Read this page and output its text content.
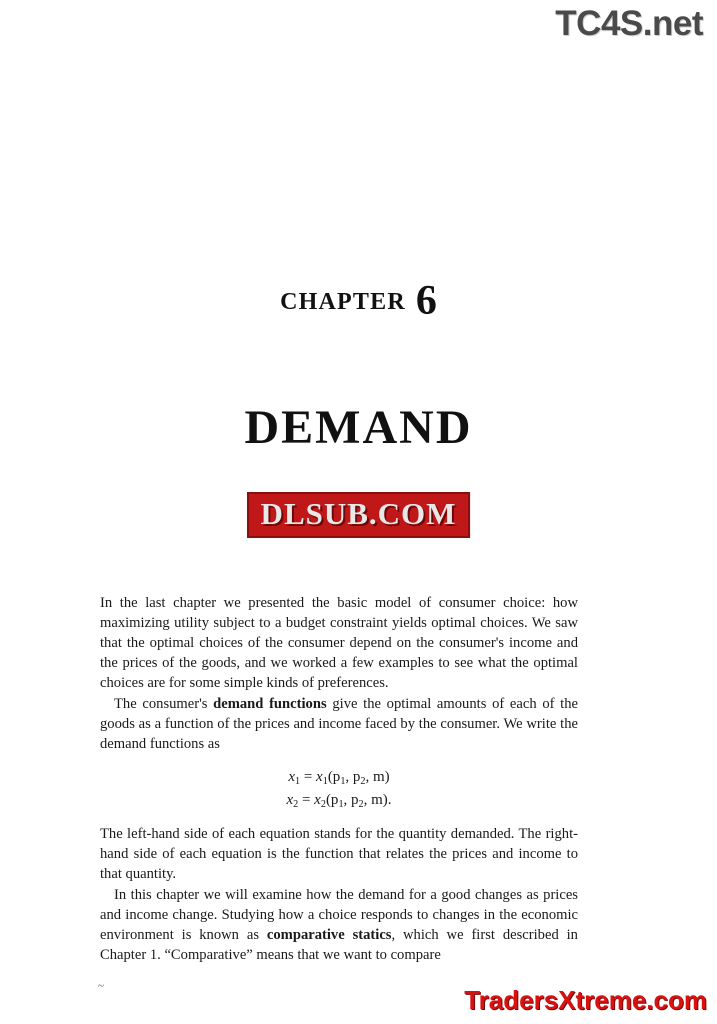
TC4S.net
CHAPTER 6
DEMAND
DLSUB.COM

In the last chapter we presented the basic model of consumer choice: how maximizing utility subject to a budget constraint yields optimal choices. We saw that the optimal choices of the consumer depend on the consumer's income and the prices of the goods, and we worked a few examples to see what the optimal choices are for some simple kinds of preferences.

The consumer's demand functions give the optimal amounts of each of the goods as a function of the prices and income faced by the consumer. We write the demand functions as

$x_1 = x_1(p_1$, $p_2$, m)
$x_2 = x_2(p_1$, $p_2$, m).

The left-hand side of each equation stands for the quantity demanded. The right-hand side of each equation is the function that relates the prices and income to that quantity.

In this chapter we will examine how the demand for a good changes as prices and income change. Studying how a choice responds to changes in the economic environment is known as comparative statics, which we first described in Chapter 1. “Comparative” means that we want to compare

~	TradersXtreme.com
